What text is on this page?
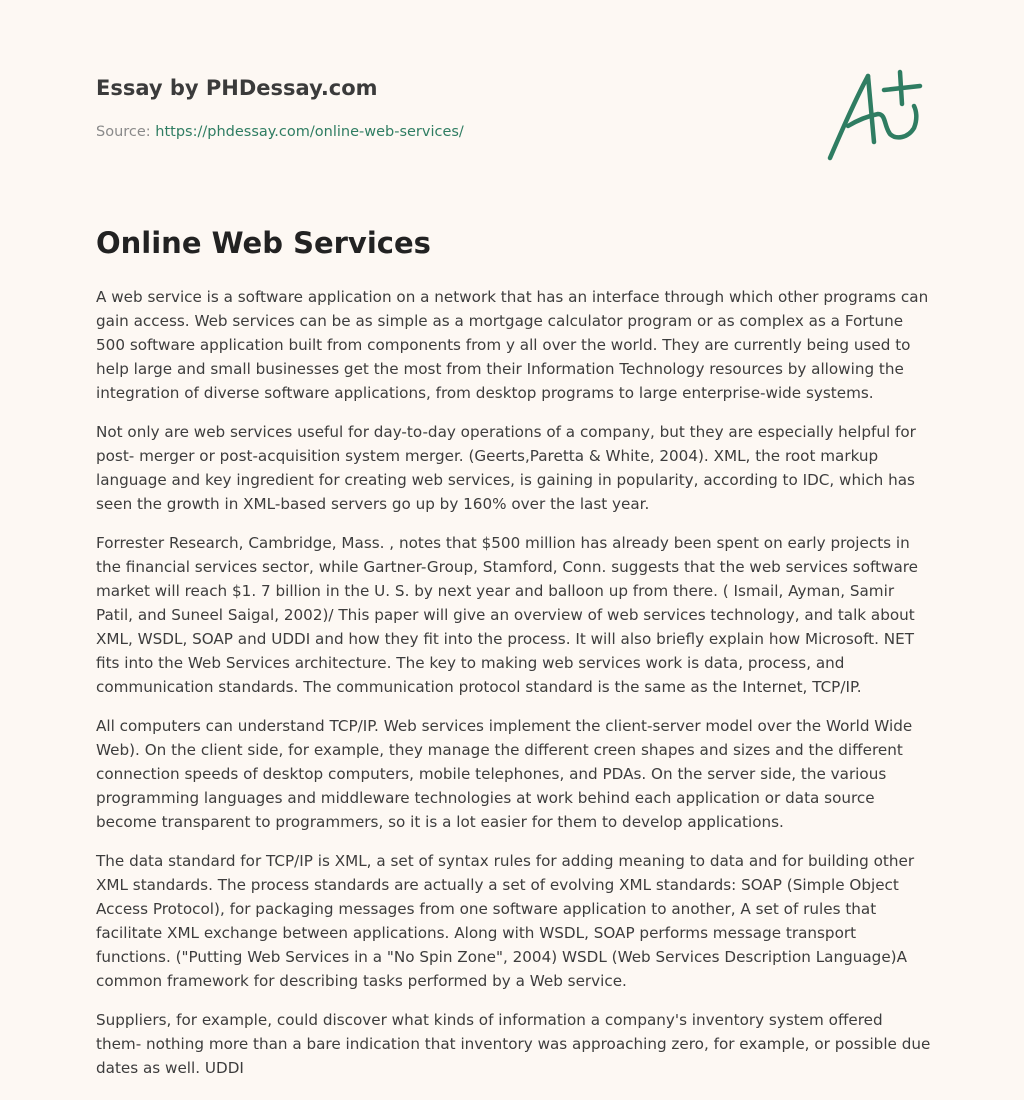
Essay by PHDessay.com
Source: https://phdessay.com/online-web-services/
Online Web Services

A web service is a software application on a network that has an interface through which other programs can gain access. Web services can be as simple as a mortgage calculator program or as complex as a Fortune 500 software application built from components from y all over the world. They are currently being used to help large and small businesses get the most from their Information Technology resources by allowing the integration of diverse software applications, from desktop programs to large enterprise-wide systems.

Not only are web services useful for day-to-day operations of a company, but they are especially helpful for post- merger or post-acquisition system merger. (Geerts,Paretta & White, 2004). XML, the root markup language and key ingredient for creating web services, is gaining in popularity, according to IDC, which has seen the growth in XML-based servers go up by 160% over the last year.

Forrester Research, Cambridge, Mass. , notes that $500 million has already been spent on early projects in the financial services sector, while Gartner-Group, Stamford, Conn. suggests that the web services software market will reach $1. 7 billion in the U. S. by next year and balloon up from there. ( Ismail, Ayman, Samir Patil, and Suneel Saigal, 2002)/ This paper will give an overview of web services technology, and talk about XML, WSDL, SOAP and UDDI and how they fit into the process. It will also briefly explain how Microsoft. NET fits into the Web Services architecture. The key to making web services work is data, process, and communication standards. The communication protocol standard is the same as the Internet, TCP/IP.

All computers can understand TCP/IP. Web services implement the client-server model over the World Wide Web). On the client side, for example, they manage the different creen shapes and sizes and the different connection speeds of desktop computers, mobile telephones, and PDAs. On the server side, the various programming languages and middleware technologies at work behind each application or data source become transparent to programmers, so it is a lot easier for them to develop applications.

The data standard for TCP/IP is XML, a set of syntax rules for adding meaning to data and for building other XML standards. The process standards are actually a set of evolving XML standards: SOAP (Simple Object Access Protocol), for packaging messages from one software application to another, A set of rules that facilitate XML exchange between applications. Along with WSDL, SOAP performs message transport functions. ("Putting Web Services in a "No Spin Zone", 2004) WSDL (Web Services Description Language)A common framework for describing tasks performed by a Web service.

Suppliers, for example, could discover what kinds of information a company's inventory system offered them- nothing more than a bare indication that inventory was approaching zero, for example, or possible due dates as well. UDDI
